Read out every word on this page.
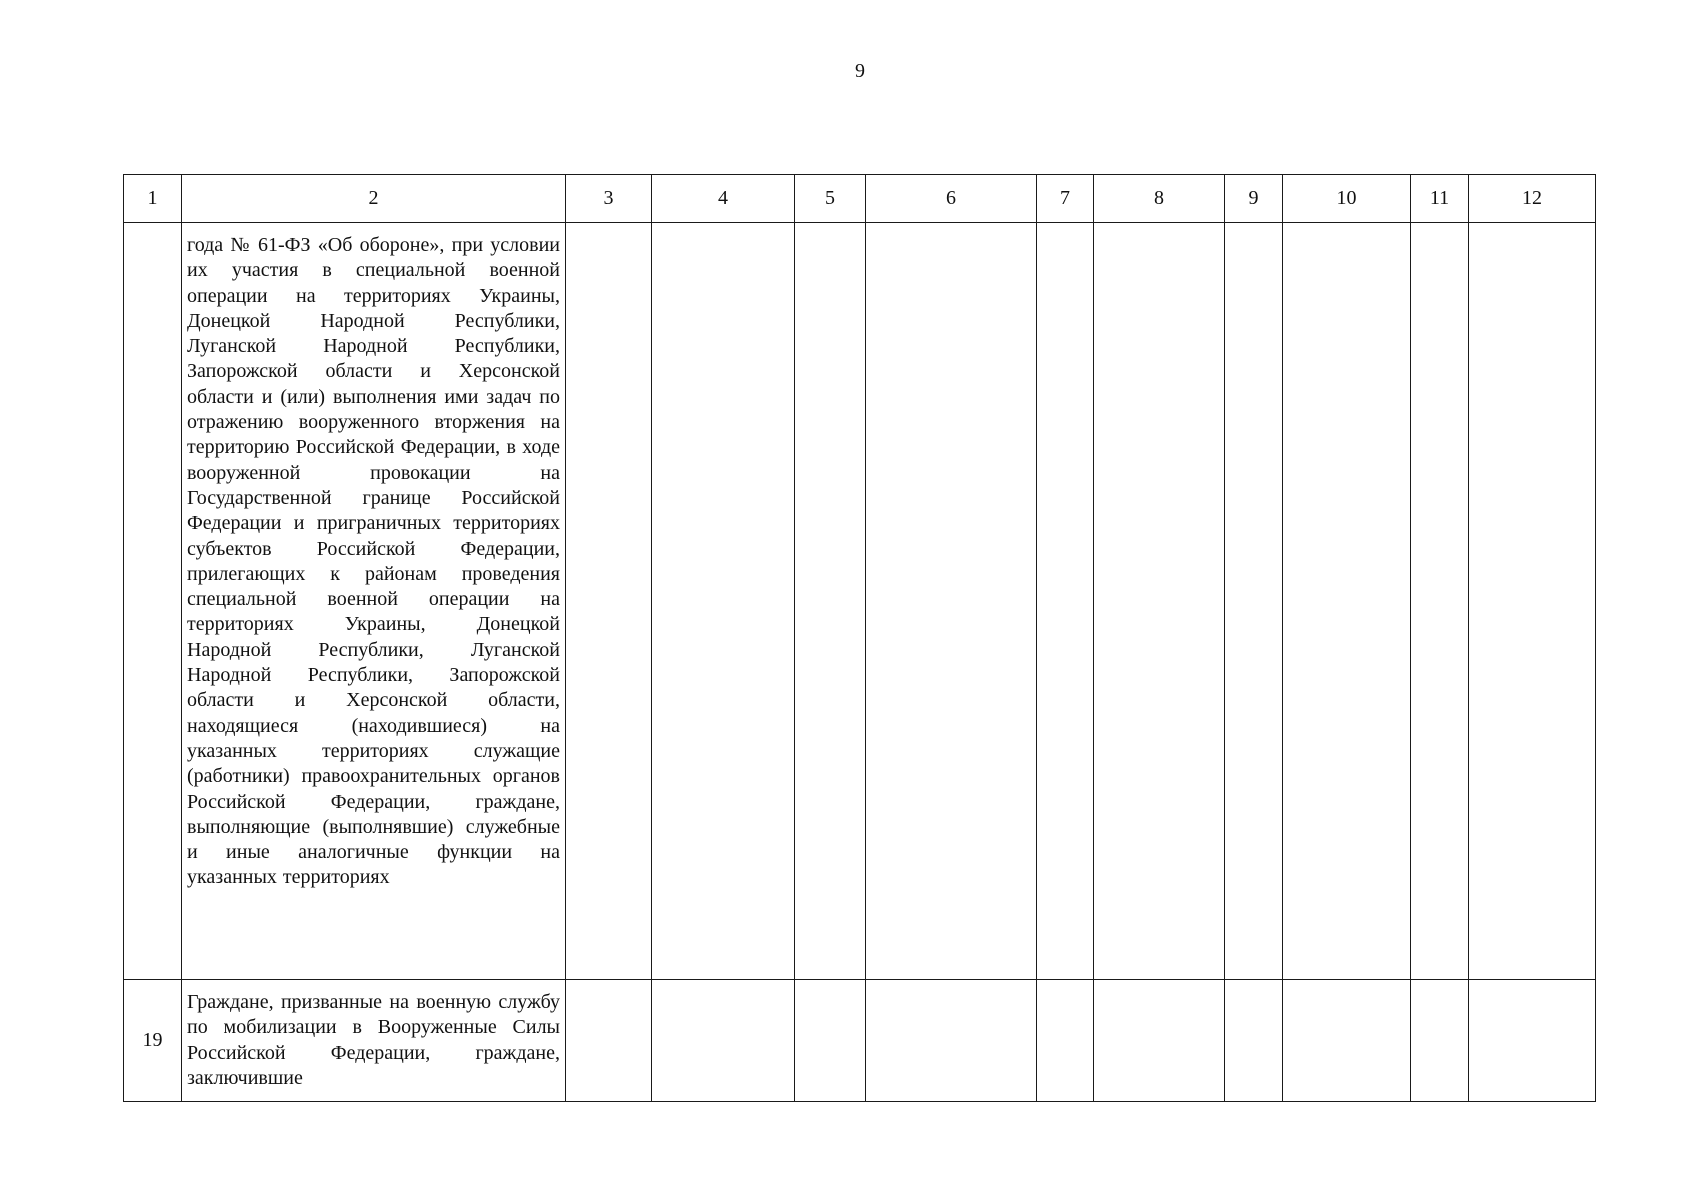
9
1	2	3	4	5	6	7	8	9	10	11	12

	года № 61-ФЗ «Об обороне», при условии их участия в специальной военной операции на территориях Украины, Донецкой Народной Республики, Луганской Народной Республики, Запорожской области и Херсонской области и (или) выполнения ими задач по отражению вооруженного вторжения на территорию Российской Федерации, в ходе вооруженной провокации на Государственной границе Российской Федерации и приграничных территориях субъектов Российской Федерации, прилегающих к районам проведения специальной военной операции на территориях Украины, Донецкой Народной Республики, Луганской Народной Республики, Запорожской области и Херсонской области, находящиеся (находившиеся) на указанных территориях служащие (работники) правоохранительных органов Российской Федерации, граждане, выполняющие (выполнявшие) служебные и иные аналогичные функции на указанных территориях										

19	Граждане, призванные на военную службу по мобилизации в Вооруженные Силы Российской Федерации, граждане, заключившие										
